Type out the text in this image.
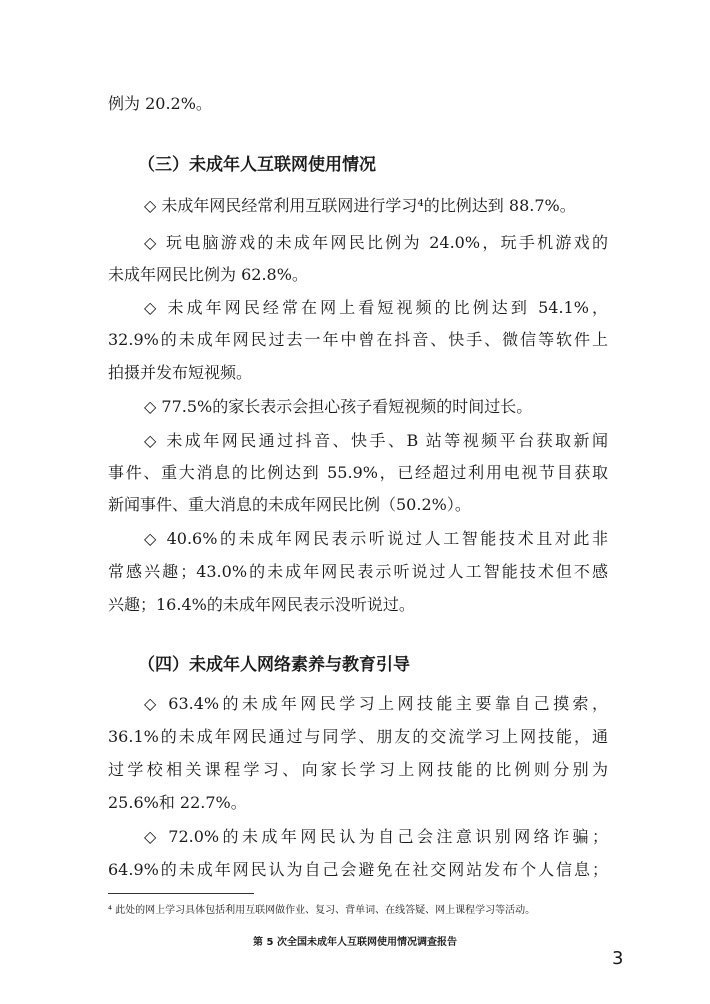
例为 20.2%。
（三）未成年人互联网使用情况
◇ 未成年网民经常利用互联网进行学习⁴的比例达到 88.7%。
◇ 玩电脑游戏的未成年网民比例为 24.0%，玩手机游戏的
未成年网民比例为 62.8%。
◇ 未成年网民经常在网上看短视频的比例达到 54.1%，
32.9%的未成年网民过去一年中曾在抖音、快手、微信等软件上
拍摄并发布短视频。
◇ 77.5%的家长表示会担心孩子看短视频的时间过长。
◇ 未成年网民通过抖音、快手、B 站等视频平台获取新闻
事件、重大消息的比例达到 55.9%，已经超过利用电视节目获取
新闻事件、重大消息的未成年网民比例（50.2%）。
◇ 40.6%的未成年网民表示听说过人工智能技术且对此非
常感兴趣；43.0%的未成年网民表示听说过人工智能技术但不感
兴趣；16.4%的未成年网民表示没听说过。
（四）未成年人网络素养与教育引导
◇ 63.4%的未成年网民学习上网技能主要靠自己摸索，
36.1%的未成年网民通过与同学、朋友的交流学习上网技能，通
过学校相关课程学习、向家长学习上网技能的比例则分别为
25.6%和 22.7%。
◇ 72.0%的未成年网民认为自己会注意识别网络诈骗；
64.9%的未成年网民认为自己会避免在社交网站发布个人信息；
⁴ 此处的网上学习具体包括利用互联网做作业、复习、背单词、在线答疑、网上课程学习等活动。
第 5 次全国未成年人互联网使用情况调查报告
3
